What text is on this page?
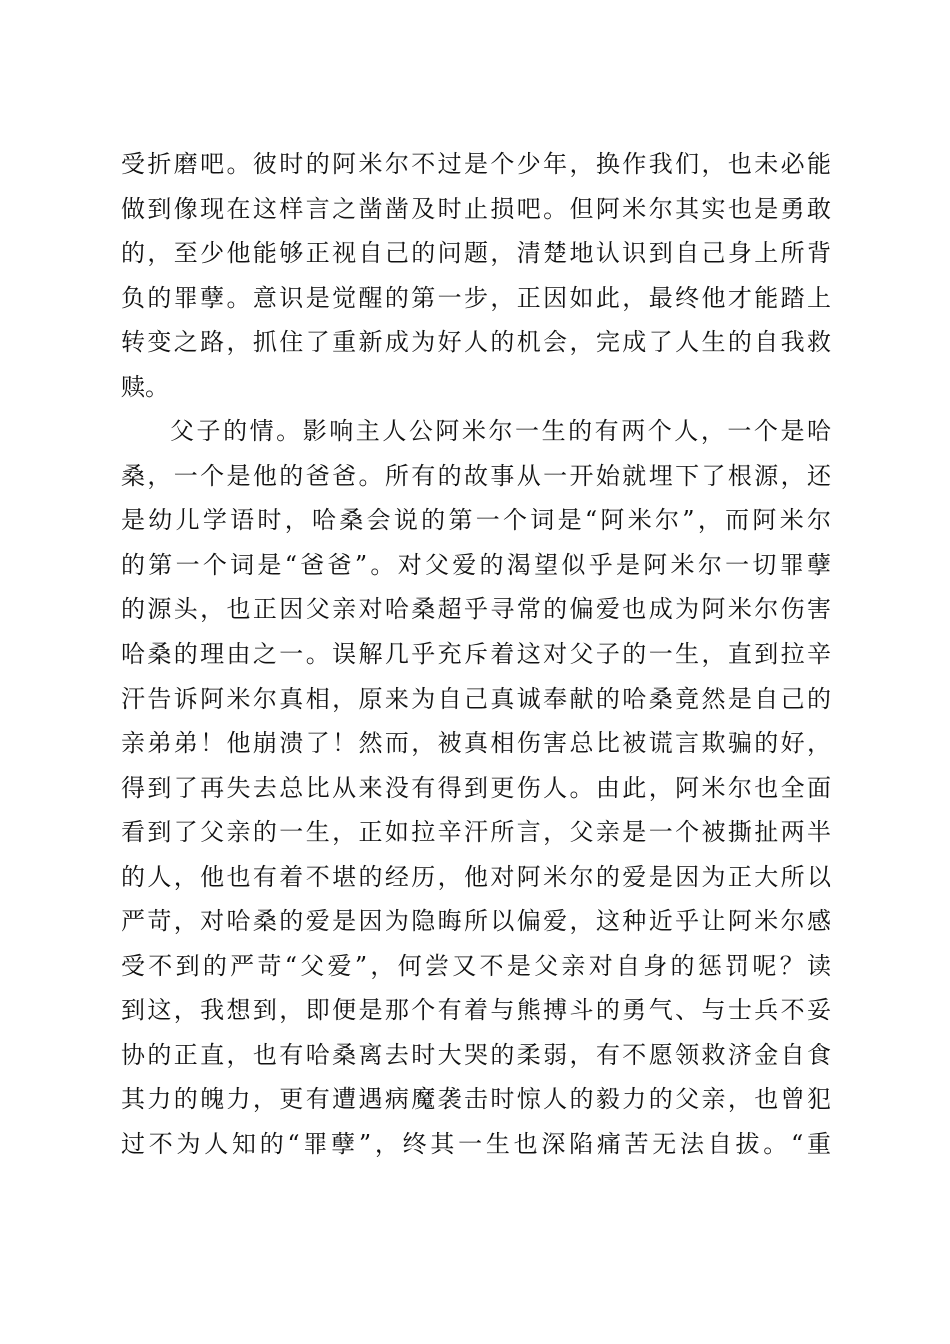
受折磨吧。彼时的阿米尔不过是个少年，换作我们，也未必能
做到像现在这样言之凿凿及时止损吧。但阿米尔其实也是勇敢
的，至少他能够正视自己的问题，清楚地认识到自己身上所背
负的罪孽。意识是觉醒的第一步，正因如此，最终他才能踏上
转变之路，抓住了重新成为好人的机会，完成了人生的自我救
赎。
父子的情。影响主人公阿米尔一生的有两个人，一个是哈
桑，一个是他的爸爸。所有的故事从一开始就埋下了根源，还
是幼儿学语时，哈桑会说的第一个词是“阿米尔”，而阿米尔
的第一个词是“爸爸”。对父爱的渴望似乎是阿米尔一切罪孽
的源头，也正因父亲对哈桑超乎寻常的偏爱也成为阿米尔伤害
哈桑的理由之一。误解几乎充斥着这对父子的一生，直到拉辛
汗告诉阿米尔真相，原来为自己真诚奉献的哈桑竟然是自己的
亲弟弟！他崩溃了！然而，被真相伤害总比被谎言欺骗的好，
得到了再失去总比从来没有得到更伤人。由此，阿米尔也全面
看到了父亲的一生，正如拉辛汗所言，父亲是一个被撕扯两半
的人，他也有着不堪的经历，他对阿米尔的爱是因为正大所以
严苛，对哈桑的爱是因为隐晦所以偏爱，这种近乎让阿米尔感
受不到的严苛“父爱”，何尝又不是父亲对自身的惩罚呢？读
到这，我想到，即便是那个有着与熊搏斗的勇气、与士兵不妥
协的正直，也有哈桑离去时大哭的柔弱，有不愿领救济金自食
其力的魄力，更有遭遇病魔袭击时惊人的毅力的父亲，也曾犯
过不为人知的“罪孽”，终其一生也深陷痛苦无法自拔。“重
